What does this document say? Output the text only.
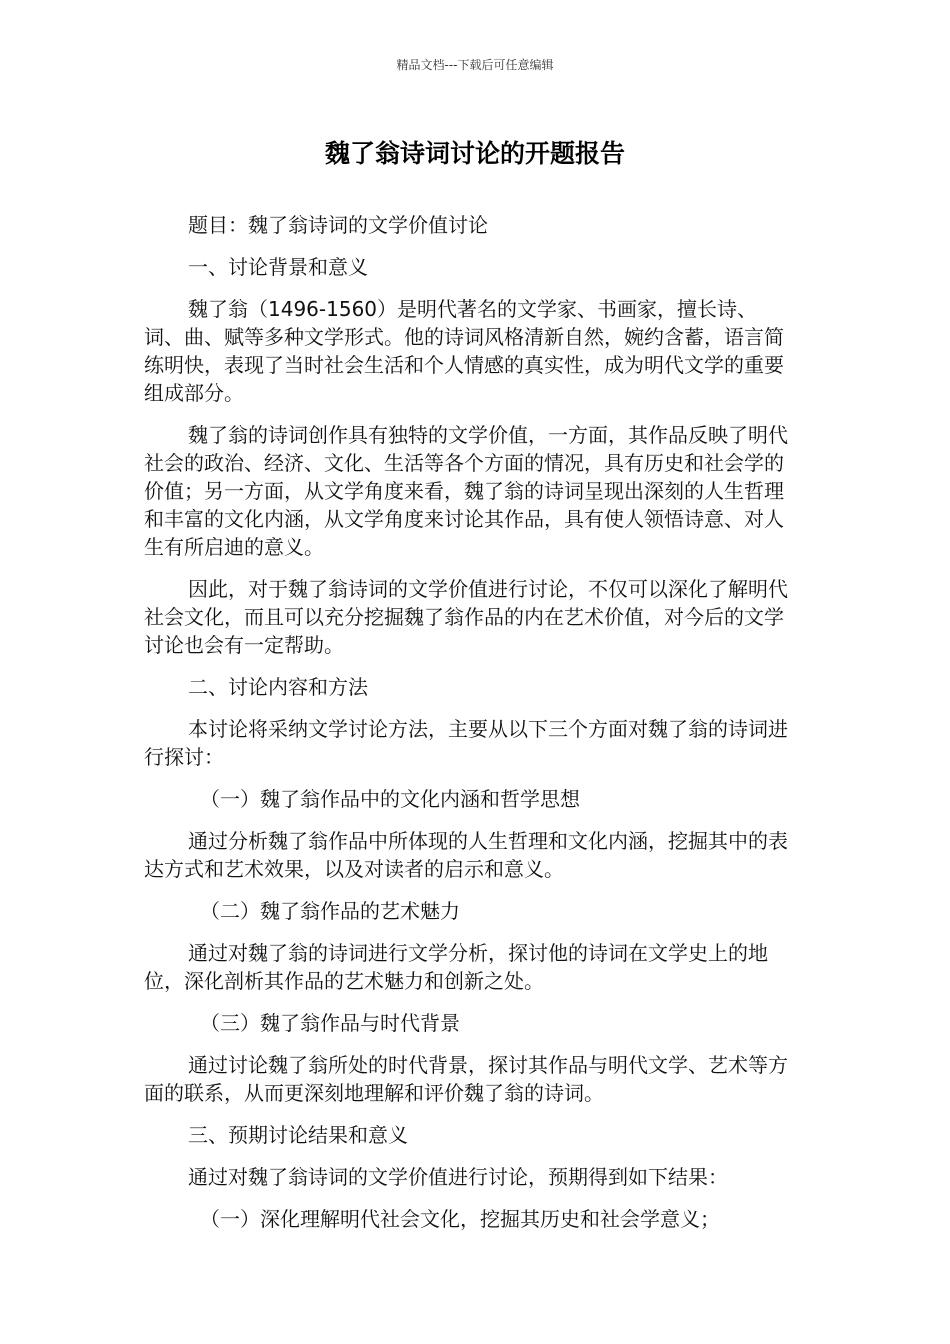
精品文档---下载后可任意编辑
魏了翁诗词讨论的开题报告

题目：魏了翁诗词的文学价值讨论

一、讨论背景和意义

魏了翁（1496-1560）是明代著名的文学家、书画家，擅长诗、词、曲、赋等多种文学形式。他的诗词风格清新自然，婉约含蓄，语言简练明快，表现了当时社会生活和个人情感的真实性，成为明代文学的重要组成部分。

魏了翁的诗词创作具有独特的文学价值，一方面，其作品反映了明代社会的政治、经济、文化、生活等各个方面的情况，具有历史和社会学的价值；另一方面，从文学角度来看，魏了翁的诗词呈现出深刻的人生哲理和丰富的文化内涵，从文学角度来讨论其作品，具有使人领悟诗意、对人生有所启迪的意义。

因此，对于魏了翁诗词的文学价值进行讨论，不仅可以深化了解明代社会文化，而且可以充分挖掘魏了翁作品的内在艺术价值，对今后的文学讨论也会有一定帮助。

二、讨论内容和方法

本讨论将采纳文学讨论方法，主要从以下三个方面对魏了翁的诗词进行探讨：

（一）魏了翁作品中的文化内涵和哲学思想

通过分析魏了翁作品中所体现的人生哲理和文化内涵，挖掘其中的表达方式和艺术效果，以及对读者的启示和意义。

（二）魏了翁作品的艺术魅力

通过对魏了翁的诗词进行文学分析，探讨他的诗词在文学史上的地位，深化剖析其作品的艺术魅力和创新之处。

（三）魏了翁作品与时代背景

通过讨论魏了翁所处的时代背景，探讨其作品与明代文学、艺术等方面的联系，从而更深刻地理解和评价魏了翁的诗词。

三、预期讨论结果和意义

通过对魏了翁诗词的文学价值进行讨论，预期得到如下结果：

（一）深化理解明代社会文化，挖掘其历史和社会学意义；
